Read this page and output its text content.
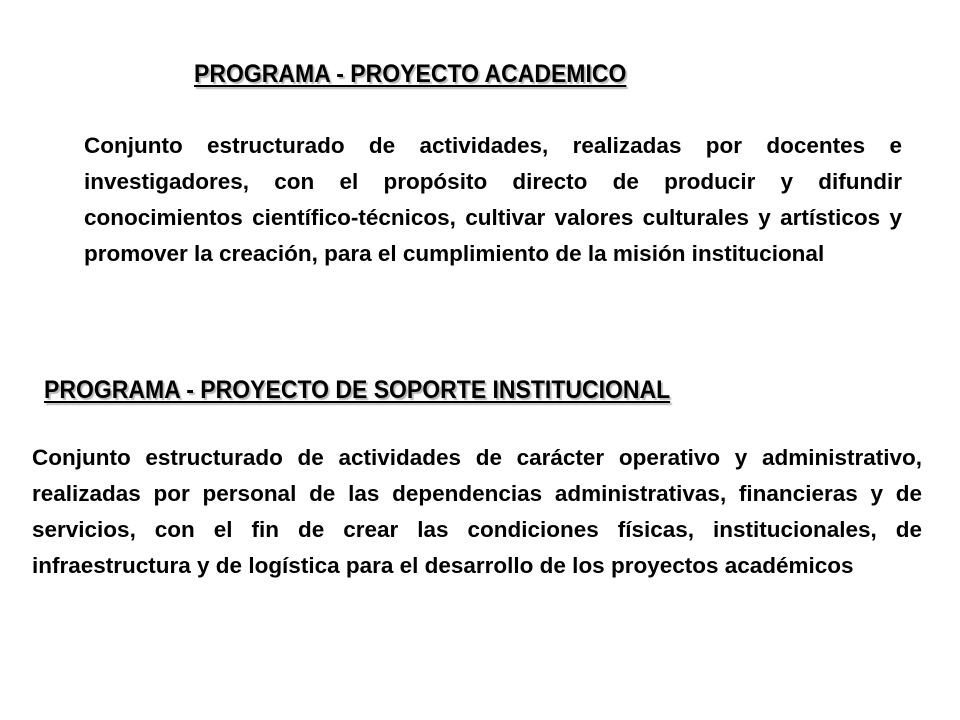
PROGRAMA - PROYECTO ACADEMICO

Conjunto estructurado de actividades, realizadas por docentes e investigadores, con el propósito directo de producir y difundir conocimientos científico-técnicos, cultivar valores culturales y artísticos y promover la creación, para el cumplimiento de la misión institucional

PROGRAMA - PROYECTO DE SOPORTE INSTITUCIONAL

Conjunto estructurado de actividades de carácter operativo y administrativo, realizadas por personal de las dependencias administrativas, financieras y de servicios, con el fin de crear las condiciones físicas, institucionales, de infraestructura y de logística para el desarrollo de los proyectos académicos
